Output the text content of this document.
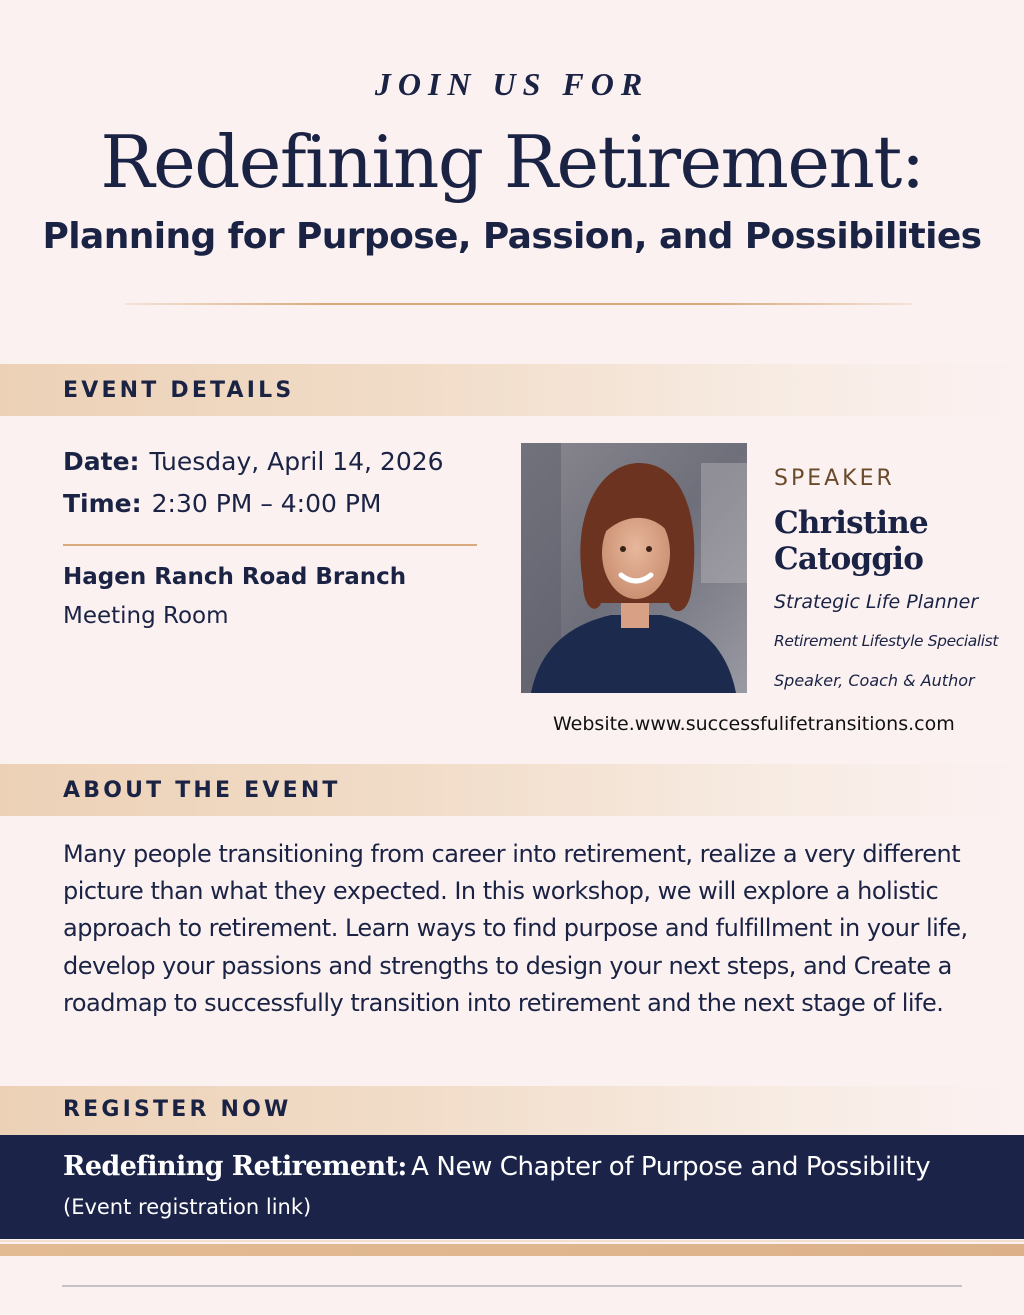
JOIN US FOR
Redefining Retirement:
Planning for Purpose, Passion, and Possibilities
EVENT DETAILS
Date: Tuesday, April 14, 2026
Time: 2:30 PM – 4:00 PM
Hagen Ranch Road Branch
Meeting Room
SPEAKER
Christine Catoggio
Strategic Life Planner
Retirement Lifestyle Specialist
Speaker, Coach & Author
Website.www.successfulifetransitions.com
ABOUT THE EVENT
Many people transitioning from career into retirement, realize a very different picture than what they expected. In this workshop, we will explore a holistic approach to retirement. Learn ways to find purpose and fulfillment in your life, develop your passions and strengths to design your next steps, and Create a roadmap to successfully transition into retirement and the next stage of life.
REGISTER NOW
Redefining Retirement: A New Chapter of Purpose and Possibility
(Event registration link)
